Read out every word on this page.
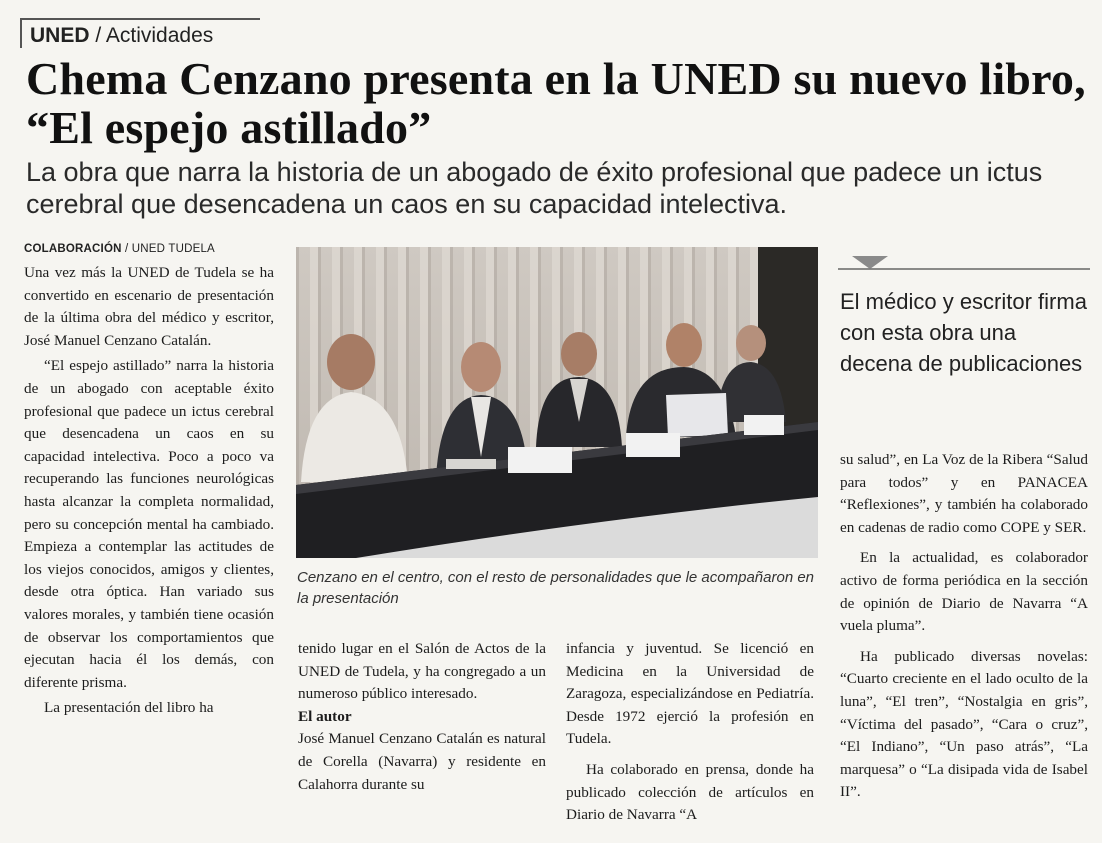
UNED / Actividades
Chema Cenzano presenta en la UNED su nuevo libro, “El espejo astillado”
La obra que narra la historia de un abogado de éxito profesional que padece un ictus cerebral que desencadena un caos en su capacidad intelectiva.
COLABORACIÓN / UNED TUDELA

Una vez más la UNED de Tudela se ha convertido en escenario de presentación de la última obra del médico y escritor, José Manuel Cenzano Catalán.

“El espejo astillado” narra la historia de un abogado con aceptable éxito profesional que padece un ictus cerebral que desencadena un caos en su capacidad intelectiva. Poco a poco va recuperando las funciones neurológicas hasta alcanzar la completa normalidad, pero su concepción mental ha cambiado. Empieza a contemplar las actitudes de los viejos conocidos, amigos y clientes, desde otra óptica. Han variado sus valores morales, y también tiene ocasión de observar los comportamientos que ejecutan hacia él los demás, con diferente prisma.

La presentación del libro ha

Cenzano en el centro, con el resto de personalidades que le acompañaron en la presentación

El médico y escritor firma con esta obra una decena de publicaciones

tenido lugar en el Salón de Actos de la UNED de Tudela, y ha congregado a un numeroso público interesado.

El autor

José Manuel Cenzano Catalán es natural de Corella (Navarra) y residente en Calahorra durante su

infancia y juventud. Se licenció en Medicina en la Universidad de Zaragoza, especializándose en Pediatría. Desde 1972 ejerció la profesión en Tudela.

Ha colaborado en prensa, donde ha publicado colección de artículos en Diario de Navarra “A

su salud”, en La Voz de la Ribera “Salud para todos” y en PANACEA “Reflexiones”, y también ha colaborado en cadenas de radio como COPE y SER.

En la actualidad, es colaborador activo de forma periódica en la sección de opinión de Diario de Navarra “A vuela pluma”.

Ha publicado diversas novelas: “Cuarto creciente en el lado oculto de la luna”, “El tren”, “Nostalgia en gris”, “Víctima del pasado”, “Cara o cruz”, “El Indiano”, “Un paso atrás”, “La marquesa” o “La disipada vida de Isabel II”.
